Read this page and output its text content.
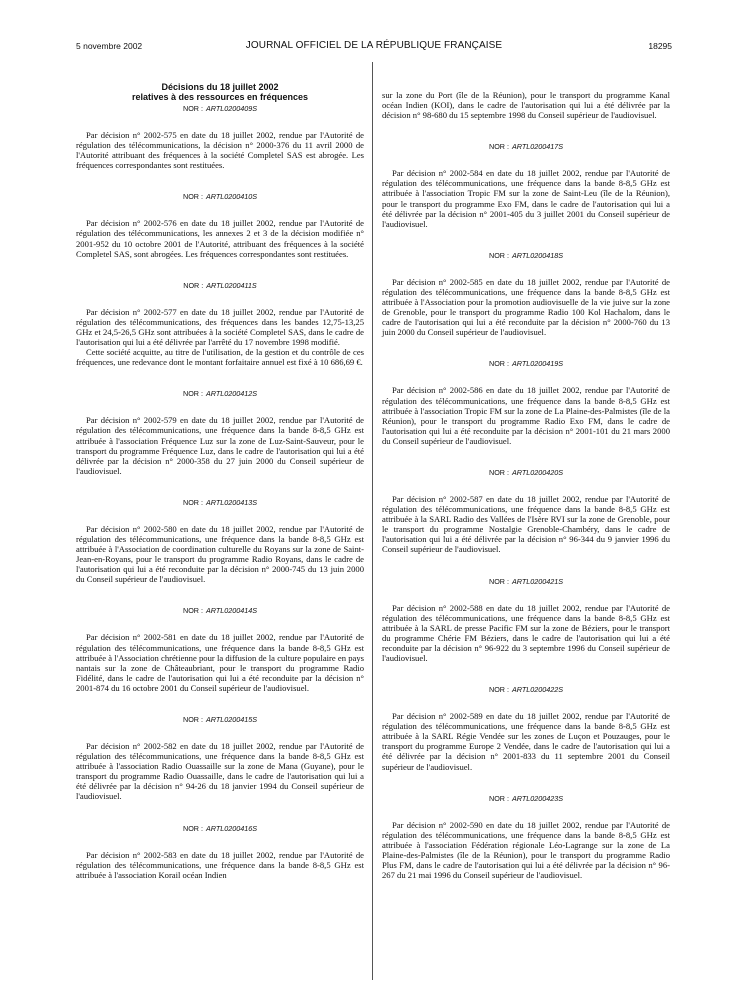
5 novembre 2002	JOURNAL OFFICIEL DE LA RÉPUBLIQUE FRANÇAISE	18295
Décisions du 18 juillet 2002
relatives à des ressources en fréquences
NOR : ARTL0200409S

Par décision n° 2002-575 en date du 18 juillet 2002, rendue par l'Autorité de régulation des télécommunications, la décision n° 2000-376 du 11 avril 2000 de l'Autorité attribuant des fréquences à la société Completel SAS est abrogée. Les fréquences correspondantes sont restituées.

NOR : ARTL0200410S

Par décision n° 2002-576 en date du 18 juillet 2002, rendue par l'Autorité de régulation des télécommunications, les annexes 2 et 3 de la décision modifiée n° 2001-952 du 10 octobre 2001 de l'Autorité, attribuant des fréquences à la société Completel SAS, sont abrogées. Les fréquences correspondantes sont restituées.

NOR : ARTL0200411S

Par décision n° 2002-577 en date du 18 juillet 2002, rendue par l'Autorité de régulation des télécommunications, des fréquences dans les bandes 12,75-13,25 GHz et 24,5-26,5 GHz sont attribuées à la société Completel SAS, dans le cadre de l'autorisation qui lui a été délivrée par l'arrêté du 17 novembre 1998 modifié.

Cette société acquitte, au titre de l'utilisation, de la gestion et du contrôle de ces fréquences, une redevance dont le montant forfaitaire annuel est fixé à 10 686,69 €.

NOR : ARTL0200412S

Par décision n° 2002-579 en date du 18 juillet 2002, rendue par l'Autorité de régulation des télécommunications, une fréquence dans la bande 8-8,5 GHz est attribuée à l'association Fréquence Luz sur la zone de Luz-Saint-Sauveur, pour le transport du programme Fréquence Luz, dans le cadre de l'autorisation qui lui a été délivrée par la décision n° 2000-358 du 27 juin 2000 du Conseil supérieur de l'audiovisuel.

NOR : ARTL0200413S

Par décision n° 2002-580 en date du 18 juillet 2002, rendue par l'Autorité de régulation des télécommunications, une fréquence dans la bande 8-8,5 GHz est attribuée à l'Association de coordination culturelle du Royans sur la zone de Saint-Jean-en-Royans, pour le transport du programme Radio Royans, dans le cadre de l'autorisation qui lui a été reconduite par la décision n° 2000-745 du 13 juin 2000 du Conseil supérieur de l'audiovisuel.

NOR : ARTL0200414S

Par décision n° 2002-581 en date du 18 juillet 2002, rendue par l'Autorité de régulation des télécommunications, une fréquence dans la bande 8-8,5 GHz est attribuée à l'Association chrétienne pour la diffusion de la culture populaire en pays nantais sur la zone de Châteaubriant, pour le transport du programme Radio Fidélité, dans le cadre de l'autorisation qui lui a été reconduite par la décision n° 2001-874 du 16 octobre 2001 du Conseil supérieur de l'audiovisuel.

NOR : ARTL0200415S

Par décision n° 2002-582 en date du 18 juillet 2002, rendue par l'Autorité de régulation des télécommunications, une fréquence dans la bande 8-8,5 GHz est attribuée à l'association Radio Ouassaille sur la zone de Mana (Guyane), pour le transport du programme Radio Ouassaille, dans le cadre de l'autorisation qui lui a été délivrée par la décision n° 94-26 du 18 janvier 1994 du Conseil supérieur de l'audiovisuel.

NOR : ARTL0200416S

Par décision n° 2002-583 en date du 18 juillet 2002, rendue par l'Autorité de régulation des télécommunications, une fréquence dans la bande 8-8,5 GHz est attribuée à l'association Korail océan Indien

sur la zone du Port (île de la Réunion), pour le transport du programme Kanal océan Indien (KOI), dans le cadre de l'autorisation qui lui a été délivrée par la décision n° 98-680 du 15 septembre 1998 du Conseil supérieur de l'audiovisuel.

NOR : ARTL0200417S

Par décision n° 2002-584 en date du 18 juillet 2002, rendue par l'Autorité de régulation des télécommunications, une fréquence dans la bande 8-8,5 GHz est attribuée à l'association Tropic FM sur la zone de Saint-Leu (île de la Réunion), pour le transport du programme Exo FM, dans le cadre de l'autorisation qui lui a été délivrée par la décision n° 2001-405 du 3 juillet 2001 du Conseil supérieur de l'audiovisuel.

NOR : ARTL0200418S

Par décision n° 2002-585 en date du 18 juillet 2002, rendue par l'Autorité de régulation des télécommunications, une fréquence dans la bande 8-8,5 GHz est attribuée à l'Association pour la promotion audiovisuelle de la vie juive sur la zone de Grenoble, pour le transport du programme Radio 100 Kol Hachalom, dans le cadre de l'autorisation qui lui a été reconduite par la décision n° 2000-760 du 13 juin 2000 du Conseil supérieur de l'audiovisuel.

NOR : ARTL0200419S

Par décision n° 2002-586 en date du 18 juillet 2002, rendue par l'Autorité de régulation des télécommunications, une fréquence dans la bande 8-8,5 GHz est attribuée à l'association Tropic FM sur la zone de La Plaine-des-Palmistes (île de la Réunion), pour le transport du programme Radio Exo FM, dans le cadre de l'autorisation qui lui a été reconduite par la décision n° 2001-101 du 21 mars 2000 du Conseil supérieur de l'audiovisuel.

NOR : ARTL0200420S

Par décision n° 2002-587 en date du 18 juillet 2002, rendue par l'Autorité de régulation des télécommunications, une fréquence dans la bande 8-8,5 GHz est attribuée à la SARL Radio des Vallées de l'Isère RVI sur la zone de Grenoble, pour le transport du programme Nostalgie Grenoble-Chambéry, dans le cadre de l'autorisation qui lui a été délivrée par la décision n° 96-344 du 9 janvier 1996 du Conseil supérieur de l'audiovisuel.

NOR : ARTL0200421S

Par décision n° 2002-588 en date du 18 juillet 2002, rendue par l'Autorité de régulation des télécommunications, une fréquence dans la bande 8-8,5 GHz est attribuée à la SARL de presse Pacific FM sur la zone de Béziers, pour le transport du programme Chérie FM Béziers, dans le cadre de l'autorisation qui lui a été reconduite par la décision n° 96-922 du 3 septembre 1996 du Conseil supérieur de l'audiovisuel.

NOR : ARTL0200422S

Par décision n° 2002-589 en date du 18 juillet 2002, rendue par l'Autorité de régulation des télécommunications, une fréquence dans la bande 8-8,5 GHz est attribuée à la SARL Régie Vendée sur les zones de Luçon et Pouzauges, pour le transport du programme Europe 2 Vendée, dans le cadre de l'autorisation qui lui a été délivrée par la décision n° 2001-833 du 11 septembre 2001 du Conseil supérieur de l'audiovisuel.

NOR : ARTL0200423S

Par décision n° 2002-590 en date du 18 juillet 2002, rendue par l'Autorité de régulation des télécommunications, une fréquence dans la bande 8-8,5 GHz est attribuée à l'association Fédération régionale Léo-Lagrange sur la zone de La Plaine-des-Palmistes (île de la Réunion), pour le transport du programme Radio Plus FM, dans le cadre de l'autorisation qui lui a été délivrée par la décision n° 96-267 du 21 mai 1996 du Conseil supérieur de l'audiovisuel.
